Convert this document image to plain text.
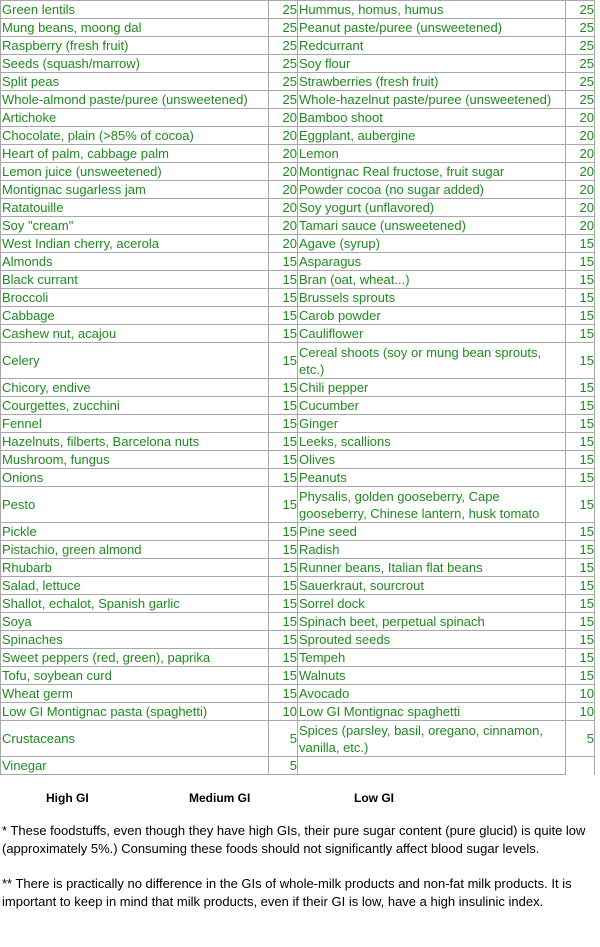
Green lentils	25	Hummus, homus, humus	25
Mung beans, moong dal	25	Peanut paste/puree (unsweetened)	25
Raspberry (fresh fruit)	25	Redcurrant	25
Seeds (squash/marrow)	25	Soy flour	25
Split peas	25	Strawberries (fresh fruit)	25
Whole-almond paste/puree (unsweetened)	25	Whole-hazelnut paste/puree (unsweetened)	25
Artichoke	20	Bamboo shoot	20
Chocolate, plain (>85% of cocoa)	20	Eggplant, aubergine	20
Heart of palm, cabbage palm	20	Lemon	20
Lemon juice (unsweetened)	20	Montignac Real fructose, fruit sugar	20
Montignac sugarless jam	20	Powder cocoa (no sugar added)	20
Ratatouille	20	Soy yogurt (unflavored)	20
Soy "cream"	20	Tamari sauce (unsweetened)	20
West Indian cherry, acerola	20	Agave (syrup)	15
Almonds	15	Asparagus	15
Black currant	15	Bran (oat, wheat...)	15
Broccoli	15	Brussels sprouts	15
Cabbage	15	Carob powder	15
Cashew nut, acajou	15	Cauliflower	15
Celery	15	Cereal shoots (soy or mung bean sprouts, etc.)	15
Chicory, endive	15	Chili pepper	15
Courgettes, zucchini	15	Cucumber	15
Fennel	15	Ginger	15
Hazelnuts, filberts, Barcelona nuts	15	Leeks, scallions	15
Mushroom, fungus	15	Olives	15
Onions	15	Peanuts	15
Pesto	15	Physalis, golden gooseberry, Cape gooseberry, Chinese lantern, husk tomato	15
Pickle	15	Pine seed	15
Pistachio, green almond	15	Radish	15
Rhubarb	15	Runner beans, Italian flat beans	15
Salad, lettuce	15	Sauerkraut, sourcrout	15
Shallot, echalot, Spanish garlic	15	Sorrel dock	15
Soya	15	Spinach beet, perpetual spinach	15
Spinaches	15	Sprouted seeds	15
Sweet peppers (red, green), paprika	15	Tempeh	15
Tofu, soybean curd	15	Walnuts	15
Wheat germ	15	Avocado	10
Low GI Montignac pasta (spaghetti)	10	Low GI Montignac spaghetti	10
Crustaceans	5	Spices (parsley, basil, oregano, cinnamon, vanilla, etc.)	5
Vinegar	5		
High GI	Medium GI	Low GI

* These foodstuffs, even though they have high GIs, their pure sugar content (pure glucid) is quite low (approximately 5%.) Consuming these foods should not significantly affect blood sugar levels.

** There is practically no difference in the GIs of whole-milk products and non-fat milk products. It is important to keep in mind that milk products, even if their GI is low, have a high insulinic index.
